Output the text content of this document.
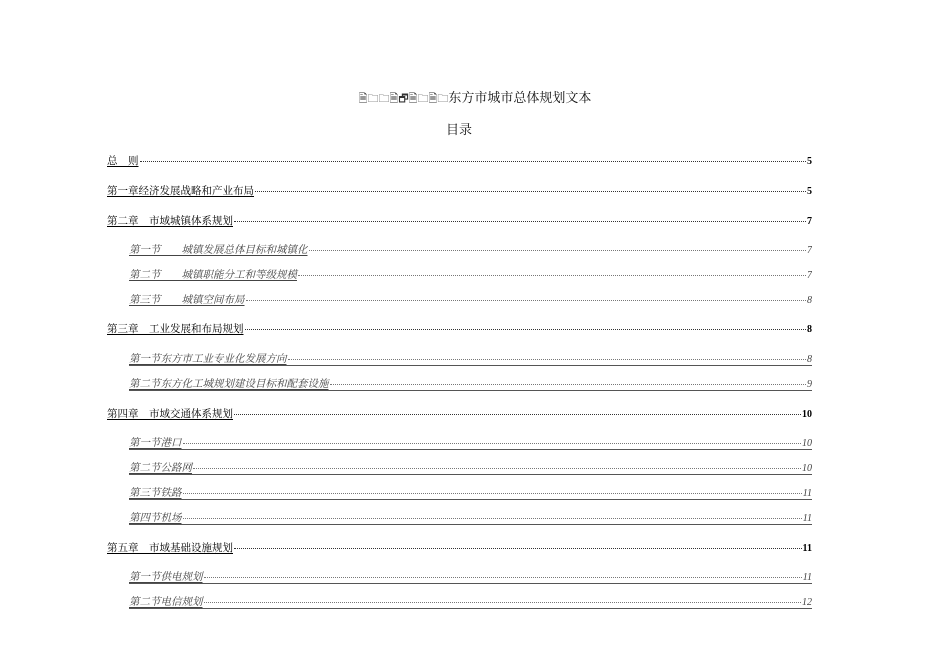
🗎🗀🗀🗎🗗🗎🗀🗎🗀东方市城市总体规划文本
目录
总　则	5
第一章经济发展战略和产业布局	5
第二章　市域城镇体系规划	7
第一节　　城镇发展总体目标和城镇化	7
第二节　　城镇职能分工和等级规模	7
第三节　　城镇空间布局	8
第三章　工业发展和布局规划	8
第一节东方市工业专业化发展方向	8
第二节东方化工城规划建设目标和配套设施	9
第四章　市域交通体系规划	10
第一节港口	10
第二节公路网	10
第三节铁路	11
第四节机场	11
第五章　市域基础设施规划	11
第一节供电规划	11
第二节电信规划	12
